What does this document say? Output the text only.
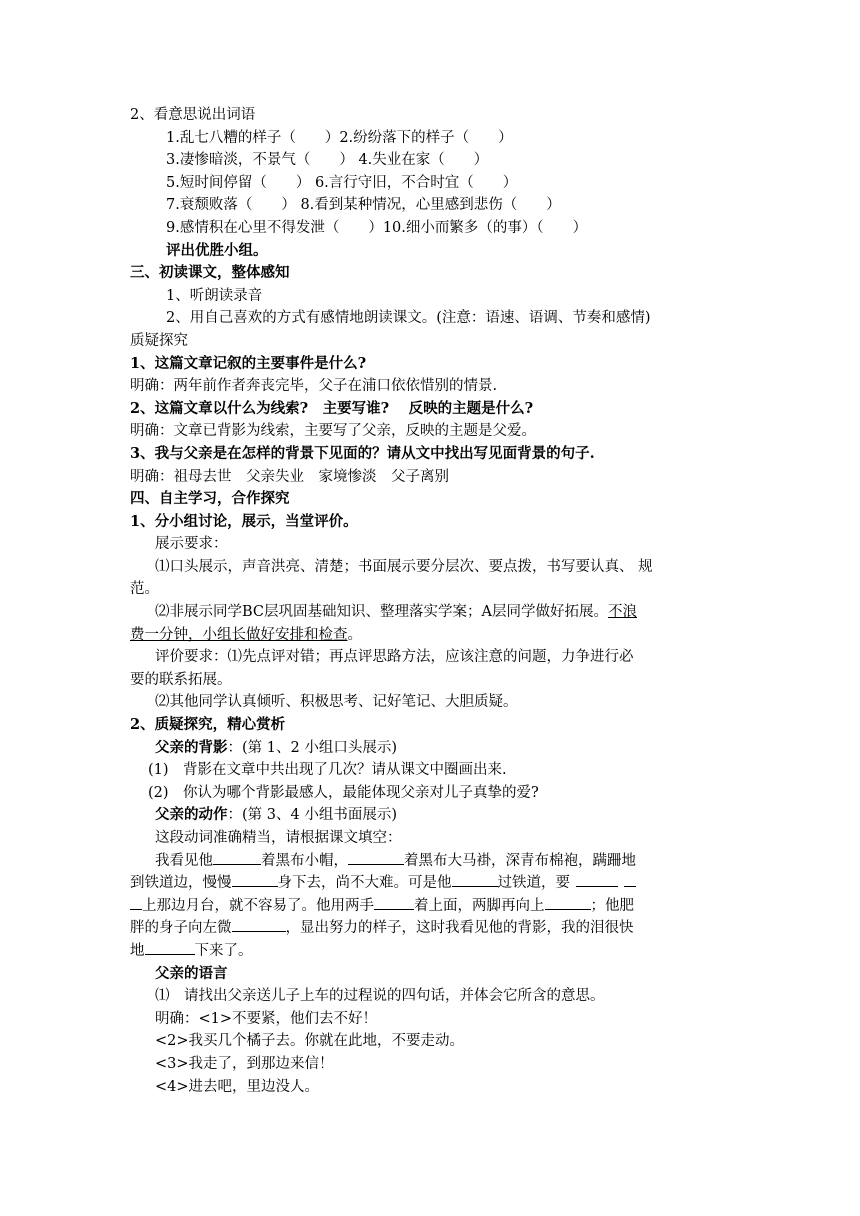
2、看意思说出词语
1.乱七八糟的样子（　　）2.纷纷落下的样子（　　）
3.凄惨暗淡，不景气（　　） 4.失业在家（　　）
5.短时间停留（　　） 6.言行守旧，不合时宜（　　）
7.衰颓败落（　　） 8.看到某种情况，心里感到悲伤（　　）
9.感情积在心里不得发泄（　　）10.细小而繁多（的事）（　　）
评出优胜小组。
三、初读课文，整体感知
1、听朗读录音
2、用自己喜欢的方式有感情地朗读课文。(注意：语速、语调、节奏和感情)
质疑探究
1、这篇文章记叙的主要事件是什么?
明确：两年前作者奔丧完毕，父子在浦口依依惜别的情景.
2、这篇文章以什么为线索?　主要写谁?　 反映的主题是什么?
明确：文章已背影为线索，主要写了父亲，反映的主题是父爱。
3、我与父亲是在怎样的背景下见面的？请从文中找出写见面背景的句子.
明确：祖母去世　父亲失业　家境惨淡　父子离别
四、自主学习，合作探究
1、分小组讨论，展示，当堂评价。
展示要求：
⑴口头展示，声音洪亮、清楚；书面展示要分层次、要点拨，书写要认真、 规
范。
⑵非展示同学BC层巩固基础知识、整理落实学案；A层同学做好拓展。不浪
费一分钟，小组长做好安排和检查。
评价要求：⑴先点评对错；再点评思路方法，应该注意的问题，力争进行必
要的联系拓展。
⑵其他同学认真倾听、积极思考、记好笔记、大胆质疑。
2、质疑探究，精心赏析
父亲的背影：(第 1、2 小组口头展示)
(1)　背影在文章中共出现了几次？请从课文中圈画出来.
(2)　你认为哪个背影最感人，最能体现父亲对儿子真挚的爱?
父亲的动作：(第 3、4 小组书面展示)
这段动词准确精当，请根据课文填空：
我看见他	着黑布小帽，	着黑布大马褂，深青布棉袍，蹒跚地
到铁道边，慢慢	身下去，尚不大难。可是他	过铁道，要
上那边月台，就不容易了。他用两手	着上面，两脚再向上	；他肥
胖的身子向左微	，显出努力的样子，这时我看见他的背影，我的泪很快
地	下来了。
父亲的语言
⑴　请找出父亲送儿子上车的过程说的四句话，并体会它所含的意思。
明确：<1>不要紧，他们去不好！
<2>我买几个橘子去。你就在此地，不要走动。
<3>我走了，到那边来信！
<4>进去吧，里边没人。
